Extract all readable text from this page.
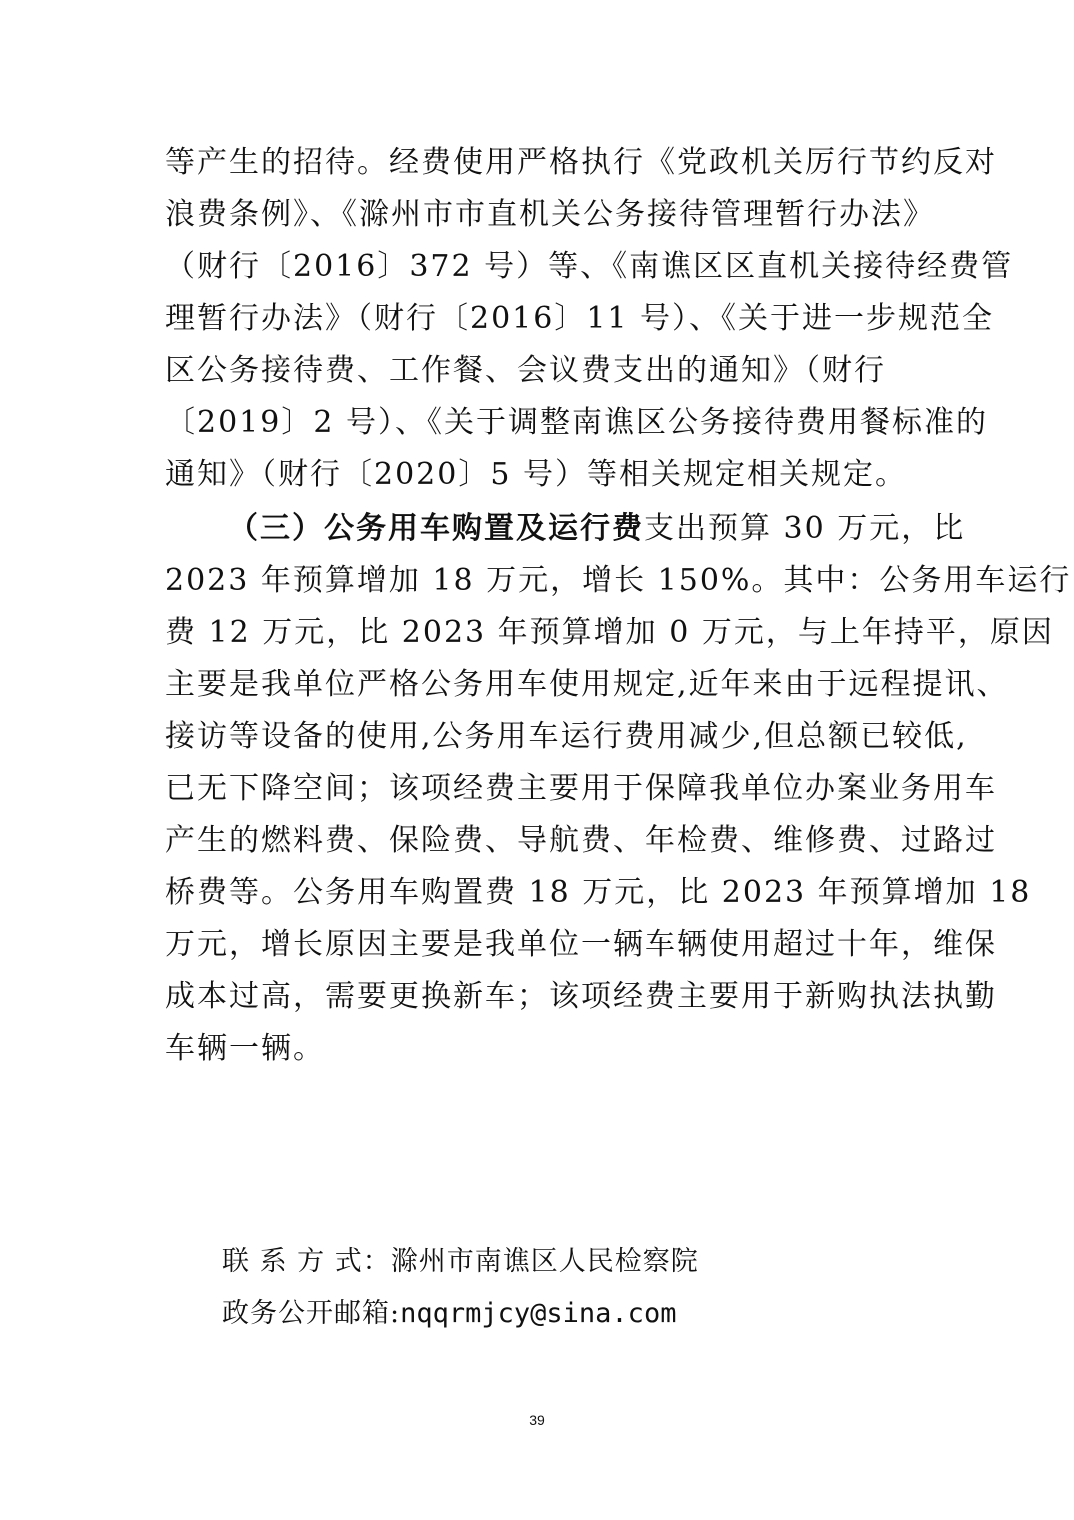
等产生的招待。经费使用严格执行《党政机关厉行节约反对
浪费条例》、《滁州市市直机关公务接待管理暂行办法》
（财行〔2016〕372 号）等、《南谯区区直机关接待经费管
理暂行办法》（财行〔2016〕11 号）、《关于进一步规范全
区公务接待费、工作餐、会议费支出的通知》（财行
〔2019〕2 号）、《关于调整南谯区公务接待费用餐标准的
通知》（财行〔2020〕5 号）等相关规定相关规定。
（三）公务用车购置及运行费支出预算 30 万元，比
2023 年预算增加 18 万元，增长 150%。其中：公务用车运行
费 12 万元，比 2023 年预算增加 0 万元，与上年持平，原因
主要是我单位严格公务用车使用规定,近年来由于远程提讯、
接访等设备的使用,公务用车运行费用减少,但总额已较低,
已无下降空间；该项经费主要用于保障我单位办案业务用车
产生的燃料费、保险费、导航费、年检费、维修费、过路过
桥费等。公务用车购置费 18 万元，比 2023 年预算增加 18
万元，增长原因主要是我单位一辆车辆使用超过十年，维保
成本过高，需要更换新车；该项经费主要用于新购执法执勤
车辆一辆。
联 系 方 式：滁州市南谯区人民检察院
政务公开邮箱:nqqrmjcy@sina.com
39
